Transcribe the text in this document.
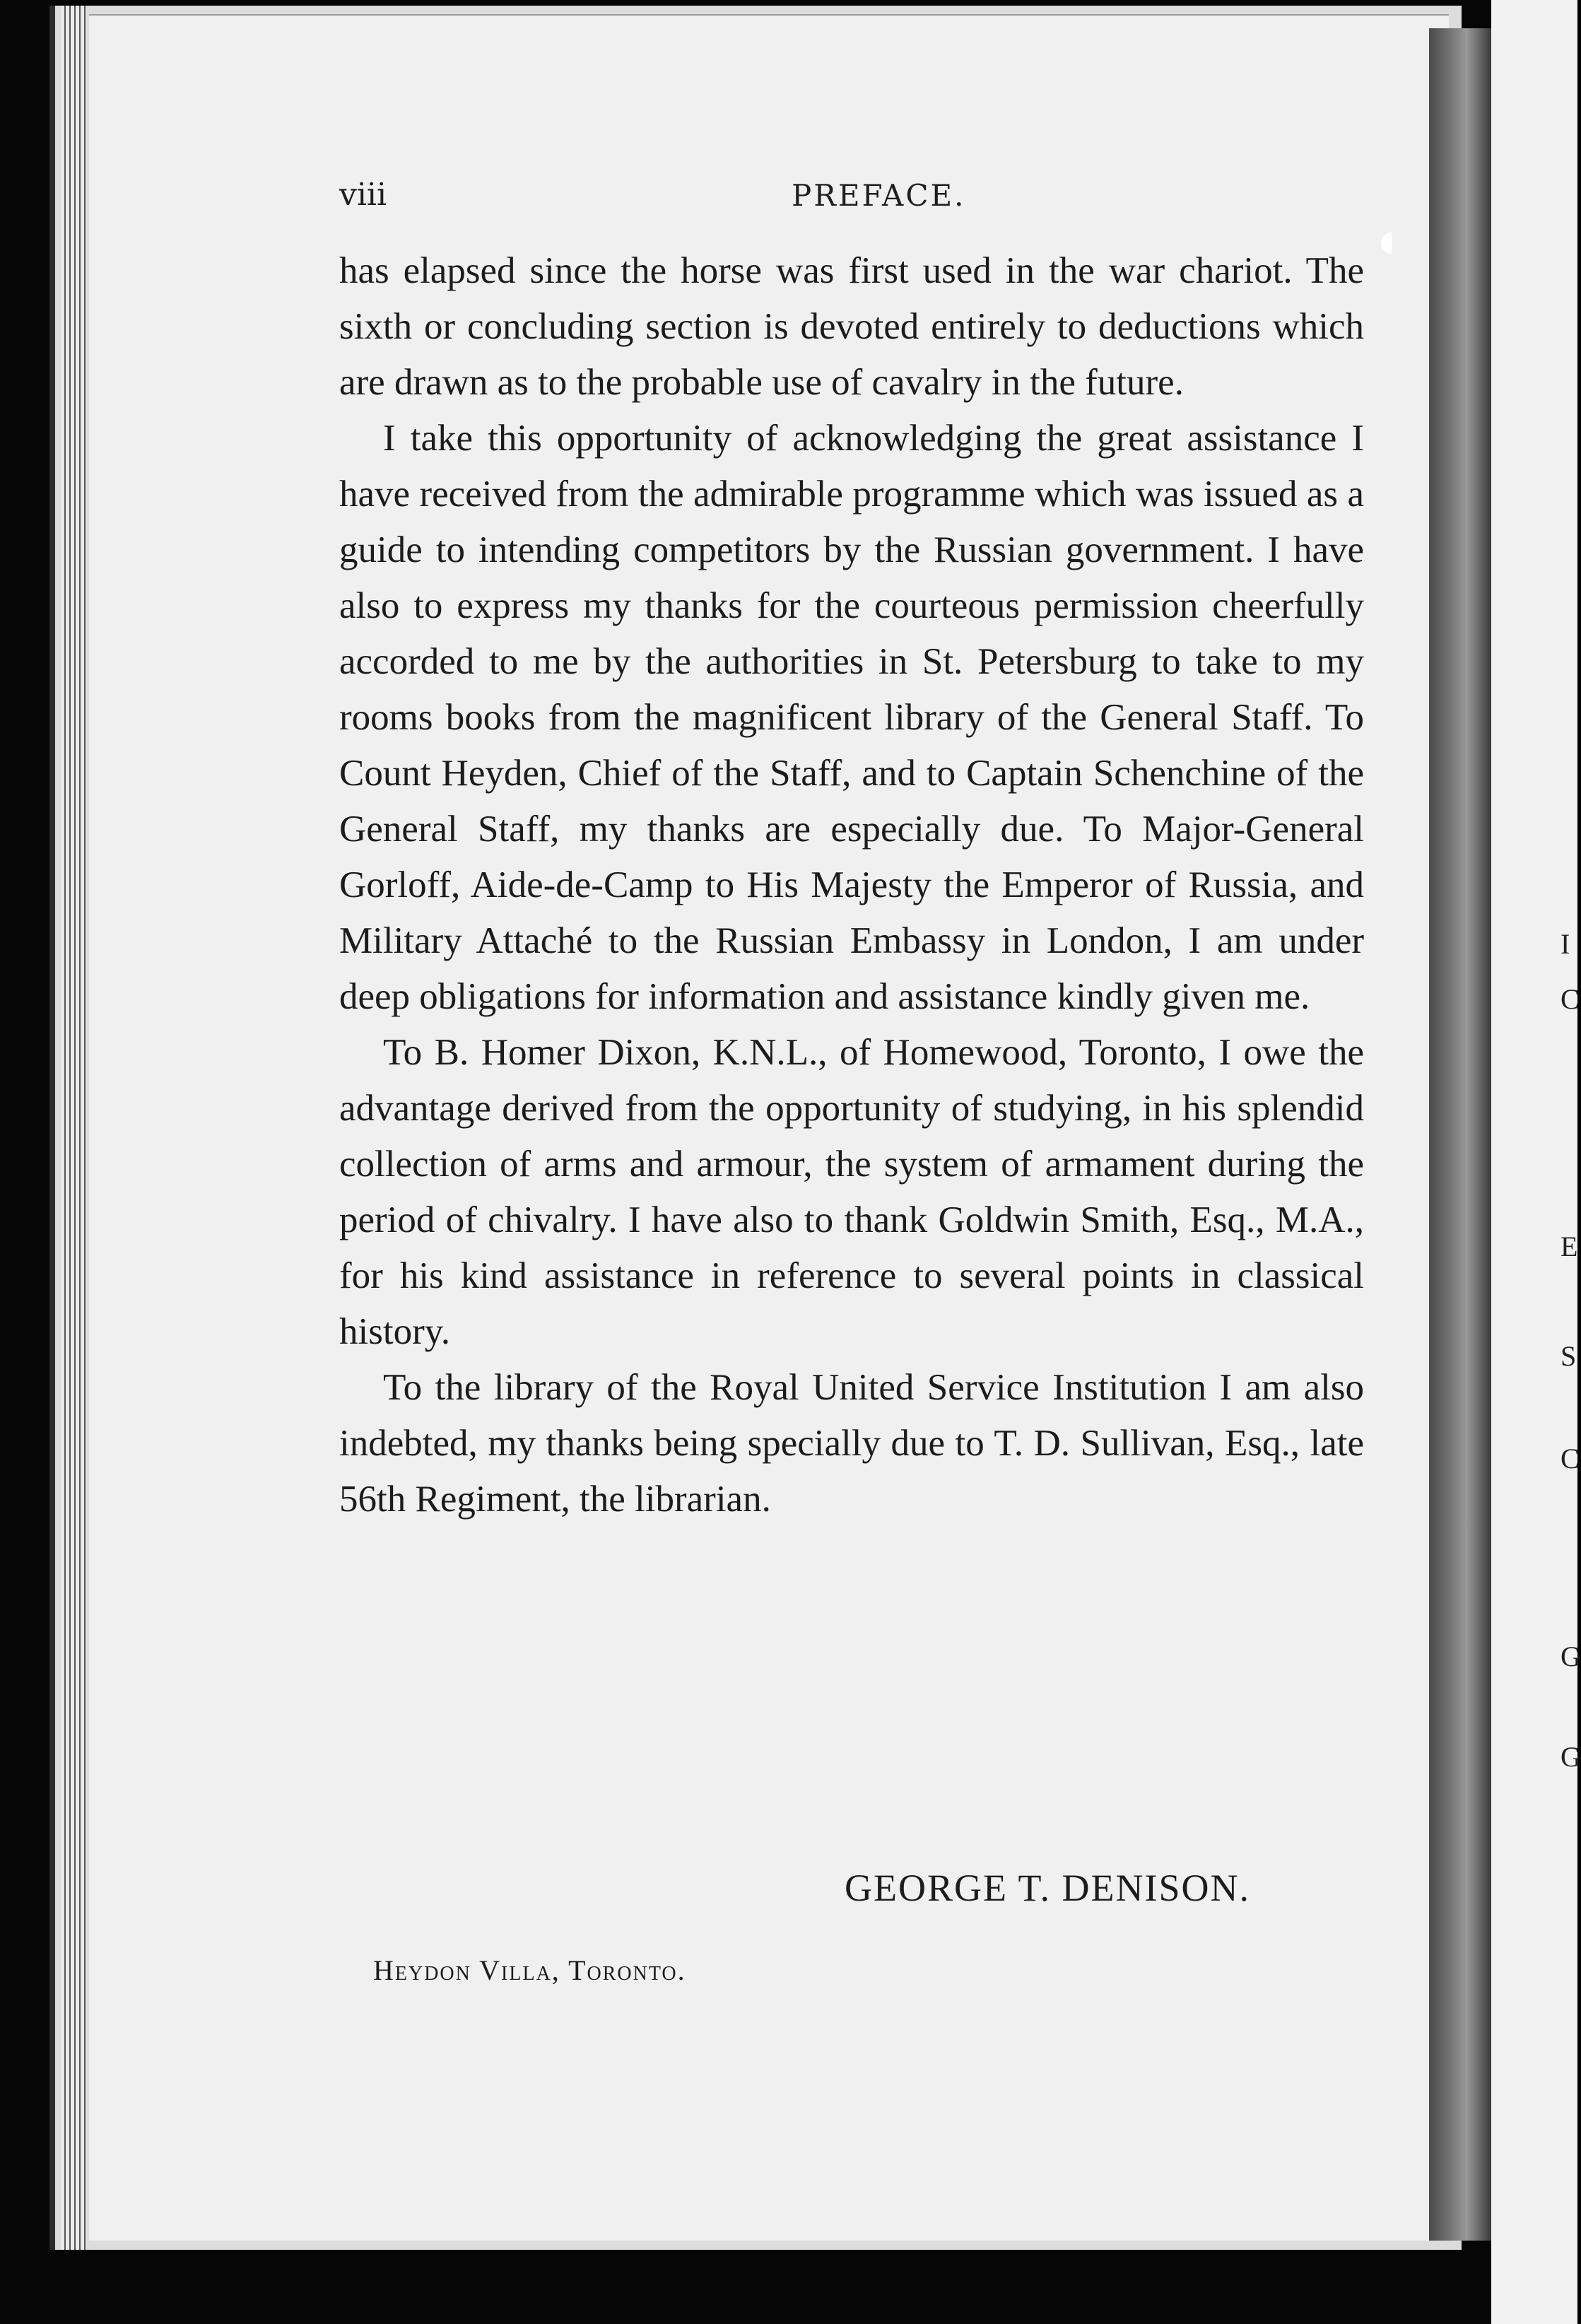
I
C
E
S
C
G
G
viii	PREFACE.

has elapsed since the horse was first used in the war chariot. The sixth or concluding section is devoted entirely to deductions which are drawn as to the probable use of cavalry in the future.

I take this opportunity of acknowledging the great assistance I have received from the admirable programme which was issued as a guide to intending competitors by the Russian government. I have also to express my thanks for the courteous permission cheerfully accorded to me by the authorities in St. Petersburg to take to my rooms books from the magnificent library of the General Staff. To Count Heyden, Chief of the Staff, and to Captain Schenchine of the General Staff, my thanks are especially due. To Major-General Gorloff, Aide-de-Camp to His Majesty the Emperor of Russia, and Military Attaché to the Russian Embassy in London, I am under deep obligations for information and assistance kindly given me.

To B. Homer Dixon, K.N.L., of Homewood, Toronto, I owe the advantage derived from the opportunity of studying, in his splendid collection of arms and armour, the system of armament during the period of chivalry. I have also to thank Goldwin Smith, Esq., M.A., for his kind assistance in reference to several points in classical history.

To the library of the Royal United Service Institution I am also indebted, my thanks being specially due to T. D. Sullivan, Esq., late 56th Regiment, the librarian.

GEORGE T. DENISON.
Heydon Villa, Toronto.
◖
